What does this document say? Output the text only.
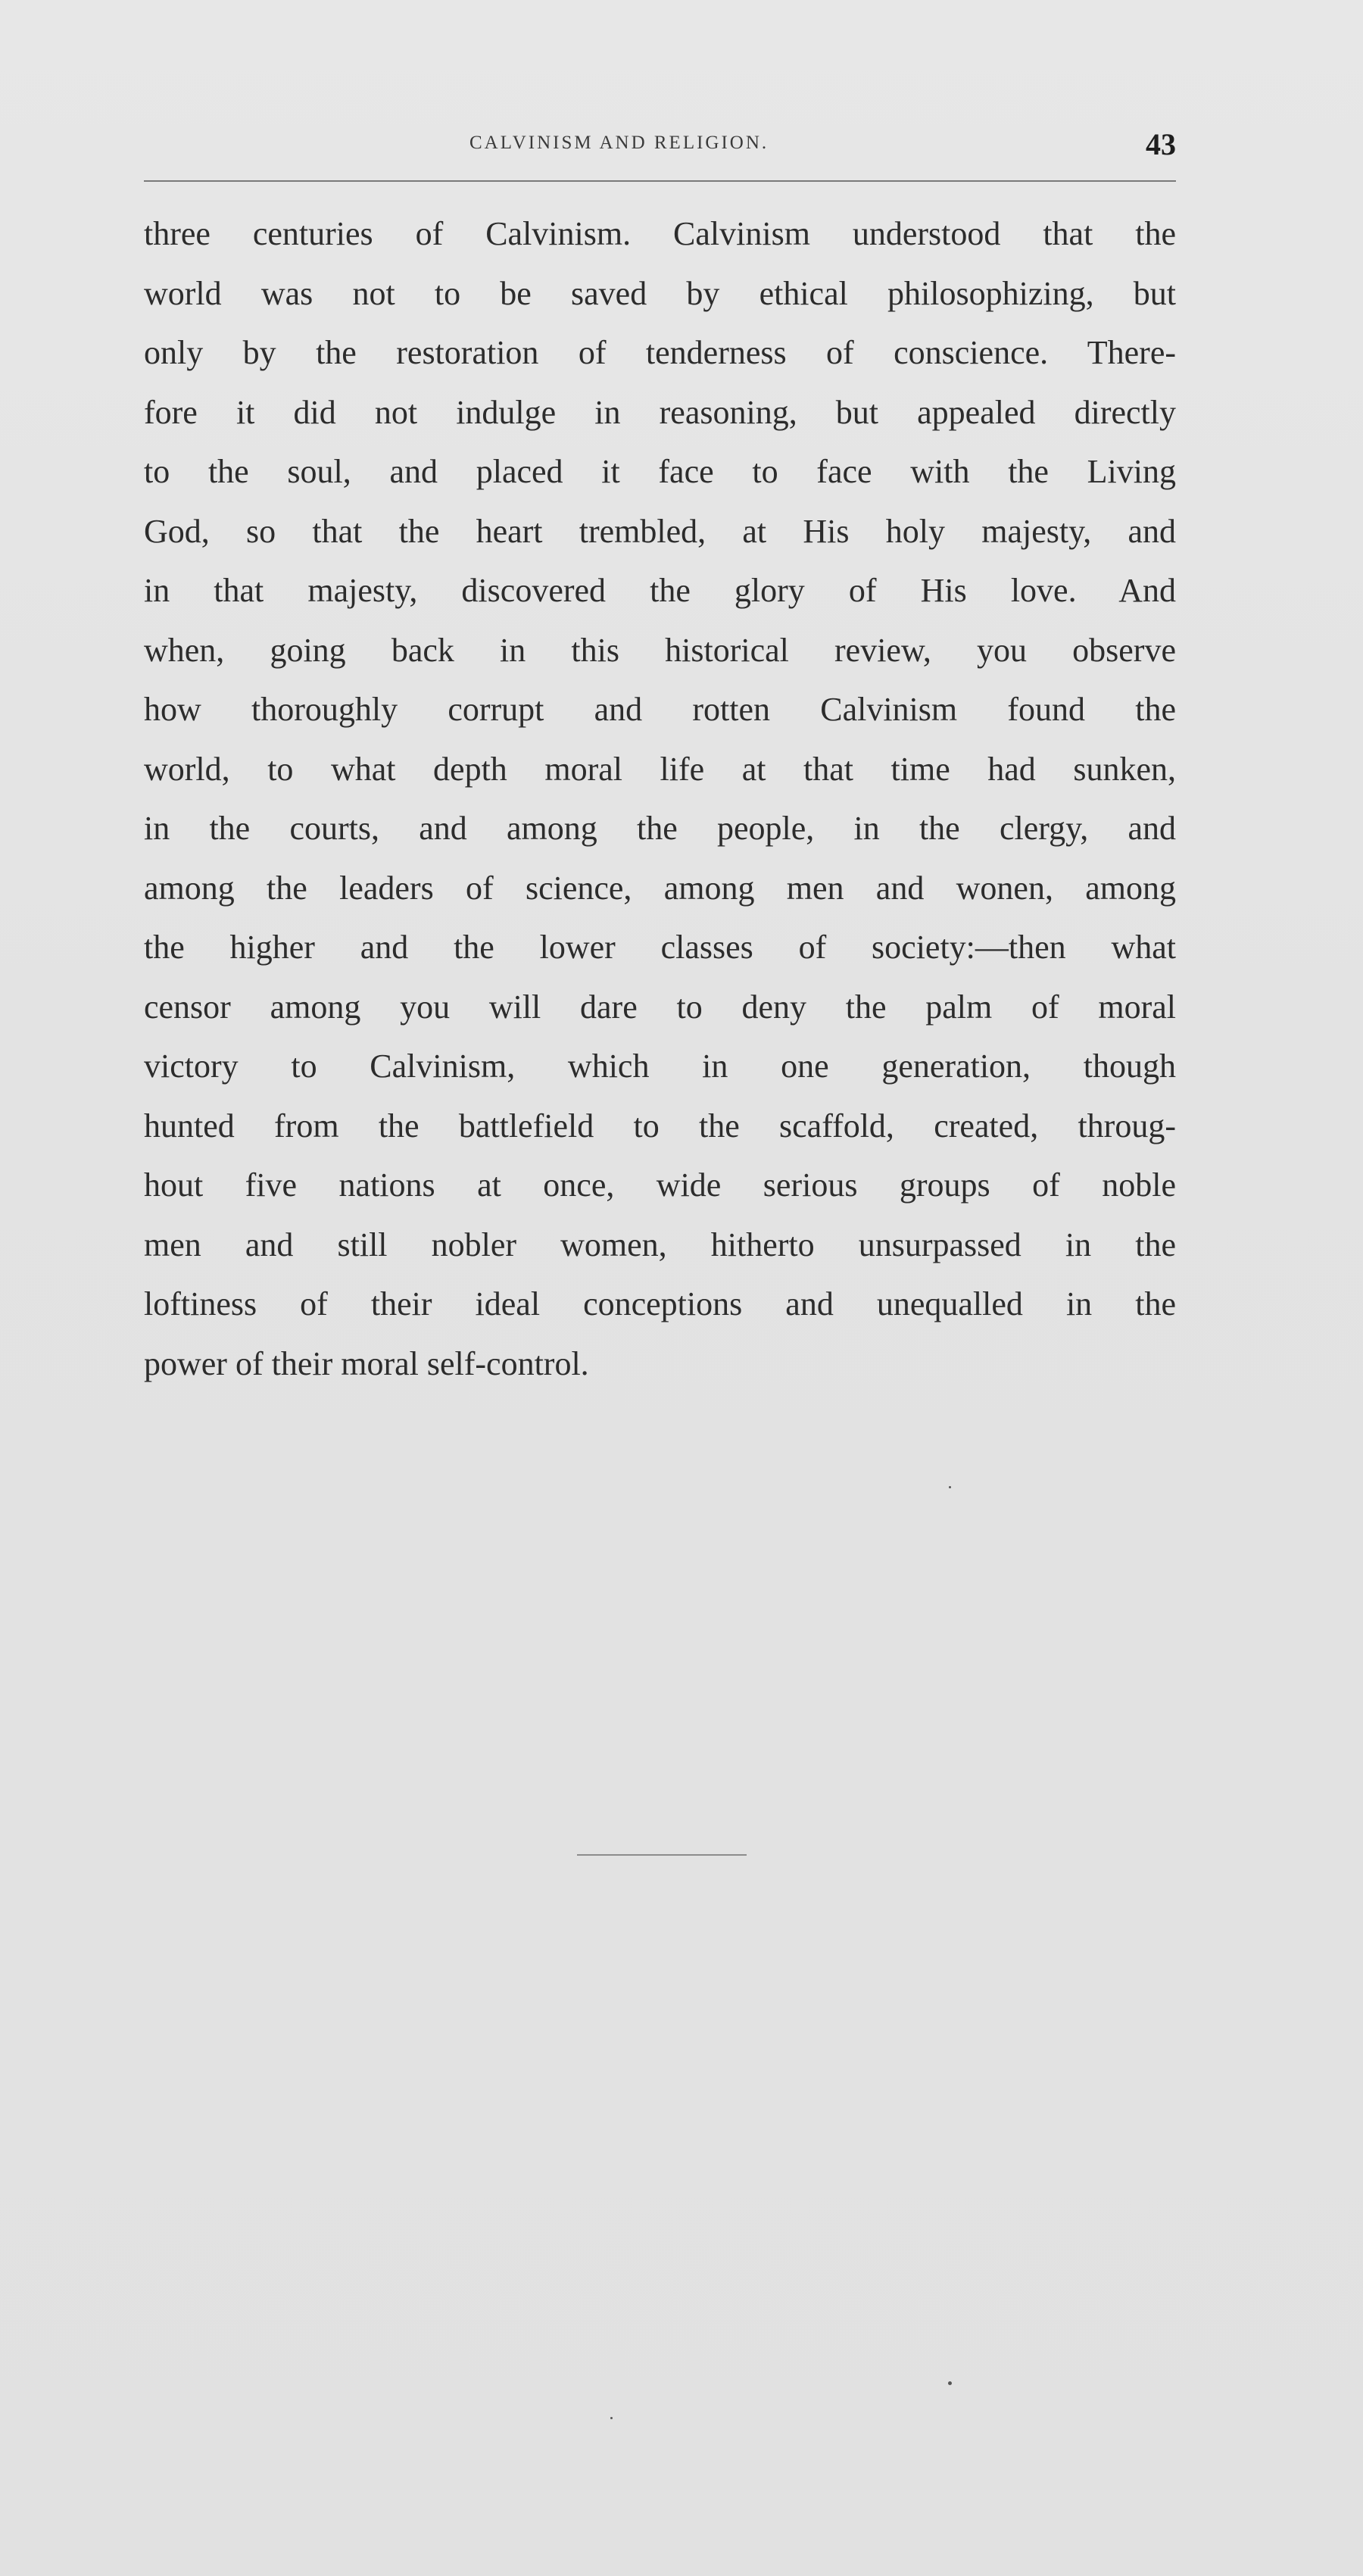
CALVINISM AND RELIGION.	43
three centuries of Calvinism. Calvinism understood that the
world was not to be saved by ethical philosophizing, but
only by the restoration of tenderness of conscience. There-
fore it did not indulge in reasoning, but appealed directly
to the soul, and placed it face to face with the Living
God, so that the heart trembled, at His holy majesty, and
in that majesty, discovered the glory of His love. And
when, going back in this historical review, you observe
how thoroughly corrupt and rotten Calvinism found the
world, to what depth moral life at that time had sunken,
in the courts, and among the people, in the clergy, and
among the leaders of science, among men and wonen, among
the higher and the lower classes of society:—then what
censor among you will dare to deny the palm of moral
victory to Calvinism, which in one generation, though
hunted from the battlefield to the scaffold, created, throug-
hout five nations at once, wide serious groups of noble
men and still nobler women, hitherto unsurpassed in the
loftiness of their ideal conceptions and unequalled in the
power of their moral self-control.
